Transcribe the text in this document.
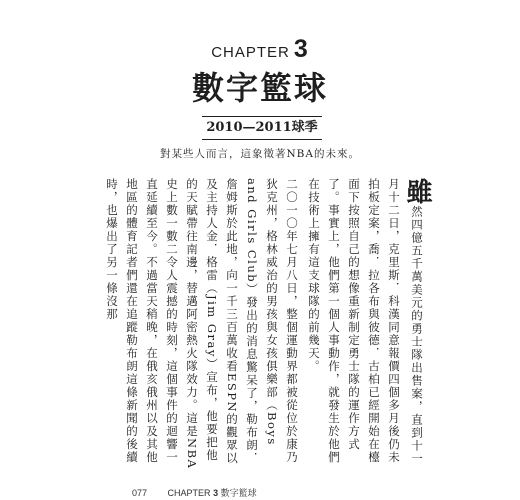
CHAPTER 3
數字籃球
2010—2011球季
對某些人而言，這象徵著NBA的未來。

雖然四億五千萬美元的勇士隊出售案，直到十一月十二日，克里斯．科漢同意報價四個多月後仍未拍板定案，喬．拉各布與彼德．古柏已經開始在檯面下按照自己的想像重新制定勇士隊的運作方式了。事實上，他們第一個人事動作，就發生於他們在技術上擁有這支球隊的前幾天。

二〇一〇年七月八日，整個運動界都被從位於康乃狄克州，格林威治的男孩與女孩俱樂部（Boys and Girls Club）發出的消息驚呆了，勒布朗．詹姆斯於此地，向一千三百萬收看ESPN的觀眾以及主持人金．格雷（Jim Gray）宣布，他要把他的天賦帶往南邊，替邁阿密熱火隊效力。這是NBA史上數一數二令人震撼的時刻，這個事件的迴響一直延續至今。不過當天稍晚，在俄亥俄州以及其他地區的體育記者們還在追蹤勒布朗這條新聞的後續時，也爆出了另一條沒那

077 CHAPTER 3 數字籃球
